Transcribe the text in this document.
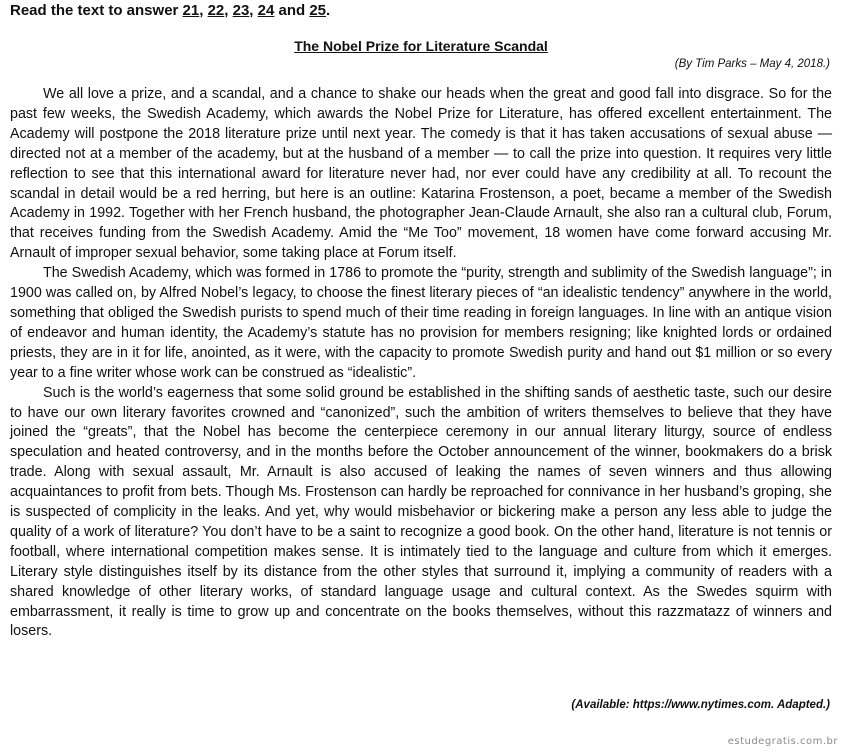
Read the text to answer 21, 22, 23, 24 and 25.
The Nobel Prize for Literature Scandal
(By Tim Parks – May 4, 2018.)

We all love a prize, and a scandal, and a chance to shake our heads when the great and good fall into disgrace. So for the past few weeks, the Swedish Academy, which awards the Nobel Prize for Literature, has offered excellent entertainment. The Academy will postpone the 2018 literature prize until next year. The comedy is that it has taken accusations of sexual abuse — directed not at a member of the academy, but at the husband of a member — to call the prize into question. It requires very little reflection to see that this international award for literature never had, nor ever could have any credibility at all. To recount the scandal in detail would be a red herring, but here is an outline: Katarina Frostenson, a poet, became a member of the Swedish Academy in 1992. Together with her French husband, the photographer Jean-Claude Arnault, she also ran a cultural club, Forum, that receives funding from the Swedish Academy. Amid the “Me Too” movement, 18 women have come forward accusing Mr. Arnault of improper sexual behavior, some taking place at Forum itself.

The Swedish Academy, which was formed in 1786 to promote the “purity, strength and sublimity of the Swedish language”; in 1900 was called on, by Alfred Nobel’s legacy, to choose the finest literary pieces of “an idealistic tendency” anywhere in the world, something that obliged the Swedish purists to spend much of their time reading in foreign languages. In line with an antique vision of endeavor and human identity, the Academy’s statute has no provision for members resigning; like knighted lords or ordained priests, they are in it for life, anointed, as it were, with the capacity to promote Swedish purity and hand out $1 million or so every year to a fine writer whose work can be construed as “idealistic”.

Such is the world’s eagerness that some solid ground be established in the shifting sands of aesthetic taste, such our desire to have our own literary favorites crowned and “canonized”, such the ambition of writers themselves to believe that they have joined the “greats”, that the Nobel has become the centerpiece ceremony in our annual literary liturgy, source of endless speculation and heated controversy, and in the months before the October announcement of the winner, bookmakers do a brisk trade. Along with sexual assault, Mr. Arnault is also accused of leaking the names of seven winners and thus allowing acquaintances to profit from bets. Though Ms. Frostenson can hardly be reproached for connivance in her husband’s groping, she is suspected of complicity in the leaks. And yet, why would misbehavior or bickering make a person any less able to judge the quality of a work of literature? You don’t have to be a saint to recognize a good book. On the other hand, literature is not tennis or football, where international competition makes sense. It is intimately tied to the language and culture from which it emerges. Literary style distinguishes itself by its distance from the other styles that surround it, implying a community of readers with a shared knowledge of other literary works, of standard language usage and cultural context. As the Swedes squirm with embarrassment, it really is time to grow up and concentrate on the books themselves, without this razzmatazz of winners and losers.

(Available: https://www.nytimes.com. Adapted.)
estudegratis.com.br
